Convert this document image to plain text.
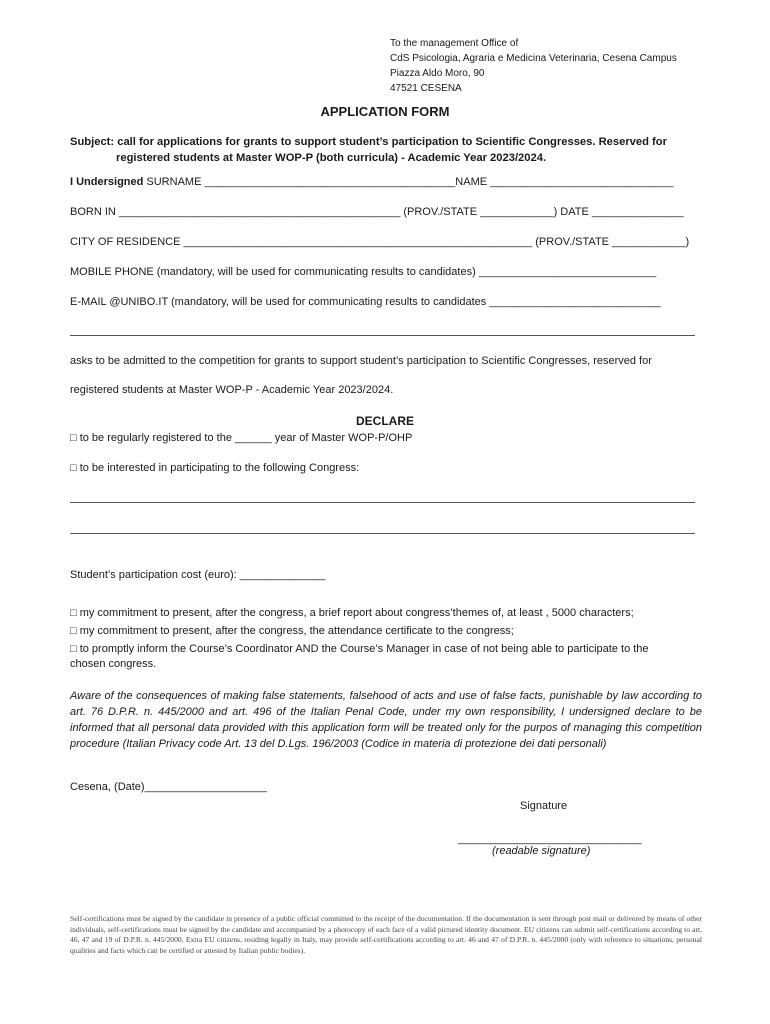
To the management Office of
CdS Psicologia, Agraria e Medicina Veterinaria, Cesena Campus
Piazza Aldo Moro, 90
47521 CESENA
APPLICATION FORM
Subject: call for applications for grants to support student’s participation to Scientific Congresses. Reserved for
registered students at Master WOP-P (both curricula) - Academic Year 2023/2024.
I Undersigned SURNAME _________________________________________NAME ______________________________
BORN IN ______________________________________________ (PROV./STATE ____________) DATE _______________
CITY OF RESIDENCE _________________________________________________________ (PROV./STATE ____________)
MOBILE PHONE (mandatory, will be used for communicating results to candidates) _____________________________
E-MAIL @UNIBO.IT (mandatory, will be used for communicating results to candidates ____________________________
asks to be admitted to the competition for grants to support student’s participation to Scientific Congresses, reserved for
registered students at Master WOP-P - Academic Year 2023/2024.
DECLARE
□ to be regularly registered to the ______ year of Master WOP-P/OHP
□ to be interested in participating to the following Congress:
Student’s participation cost (euro): ______________
□ my commitment to present, after the congress, a brief report about congress’themes of, at least , 5000 characters;
□ my commitment to present, after the congress, the attendance certificate to the congress;
□ to promptly inform the Course’s Coordinator AND the Course’s Manager in case of not being able to participate to the
chosen congress.
Aware of the consequences of making false statements, falsehood of acts and use of false facts, punishable by law according to art. 76 D.P.R. n. 445/2000 and art. 496 of the Italian Penal Code, under my own responsibility, I undersigned declare to be informed that all personal data provided with this application form will be treated only for the purpos of managing this competition procedure (Italian Privacy code Art. 13 del D.Lgs. 196/2003 (Codice in materia di protezione dei dati personali)
Cesena, (Date)____________________
Signature
______________________________
(readable signature)
Self-certifications must be signed by the candidate in presence of a public official committed to the receipt of the documentation. If the documentation is sent through post mail or delivered by means of other individuals, self-certifications must be signed by the candidate and accompanied by a photocopy of each face of a valid pictured identity document. EU citizens can submit self-certifications according to art. 46, 47 and 19 of D.P.R. n. 445/2000. Extra EU citizens, residing legally in Italy, may provide self-certifications according to art. 46 and 47 of D.P.R. n. 445/2000 (only with reference to situations, personal qualities and facts which can be certified or attested by Italian public bodies).
